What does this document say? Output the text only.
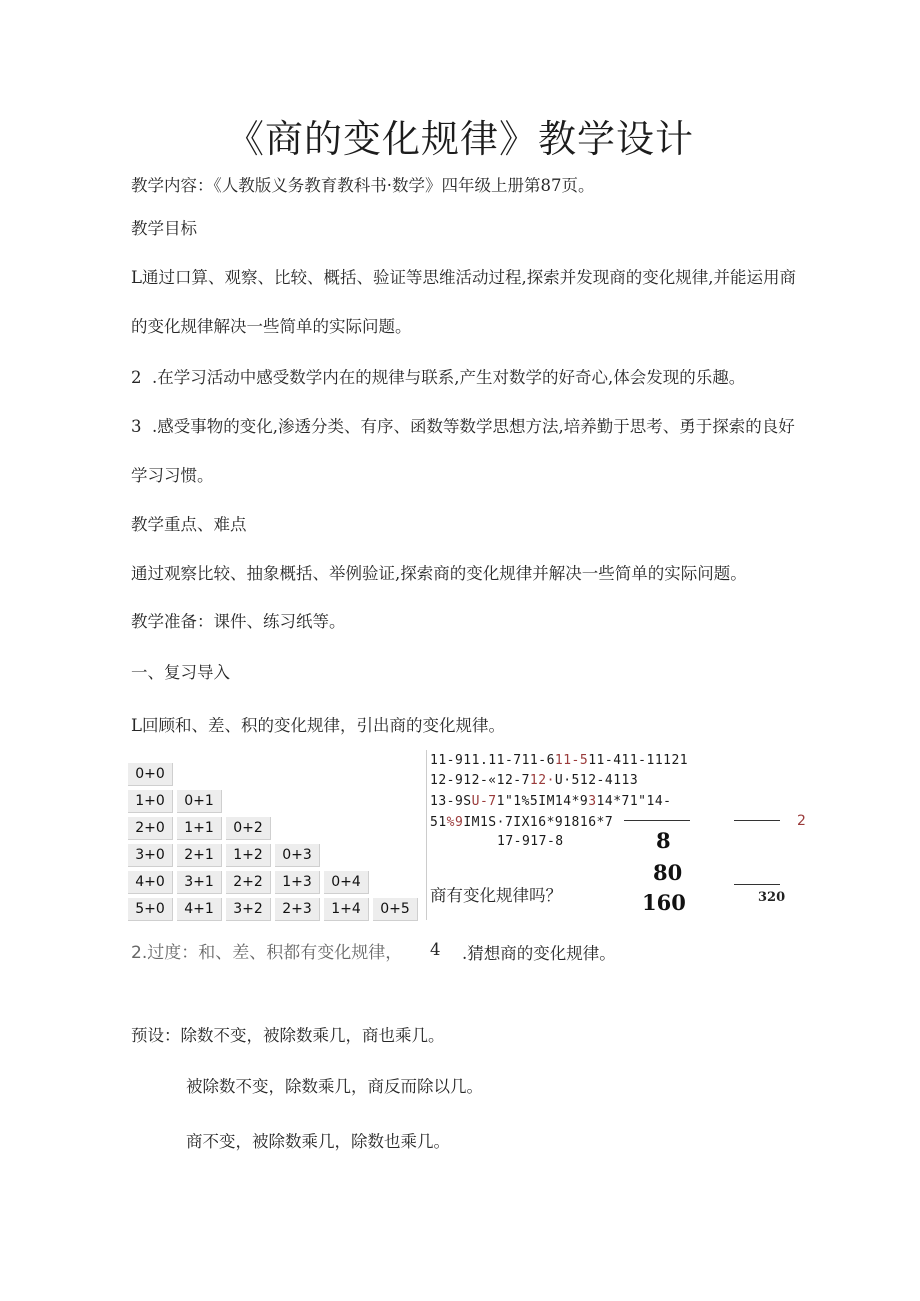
《商的变化规律》教学设计
教学内容：《人教版义务教育教科书·数学》四年级上册第87页。
教学目标
L通过口算、观察、比较、概括、验证等思维活动过程,探索并发现商的变化规律,并能运用商
的变化规律解决一些简单的实际问题。
2  .在学习活动中感受数学内在的规律与联系,产生对数学的好奇心,体会发现的乐趣。
3  .感受事物的变化,渗透分类、有序、函数等数学思想方法,培养勤于思考、勇于探索的良好
学习习惯。
教学重点、难点
通过观察比较、抽象概括、举例验证,探索商的变化规律并解决一些简单的实际问题。
教学准备：课件、练习纸等。
一、复习导入
L回顾和、差、积的变化规律，引出商的变化规律。
0+0
1+0	0+1
2+0	1+1	0+2
3+0	2+1	1+2	0+3
4+0	3+1	2+2	1+3	0+4
5+0	4+1	3+2	2+3	1+4	0+5
11-911.11-711-611-511-411-11121
12-912-«12-712·U·512-4113
13-9SU-71"1%5IM14*9314*71"14-
51%9IM1S·7IX16*91816*7
17-917-8
2
8
80
160	320
商有变化规律吗？
2.过度：和、差、积都有变化规律， 4 .猜想商的变化规律。
预设：除数不变，被除数乘几，商也乘几。
被除数不变，除数乘几，商反而除以几。
商不变，被除数乘几，除数也乘几。
